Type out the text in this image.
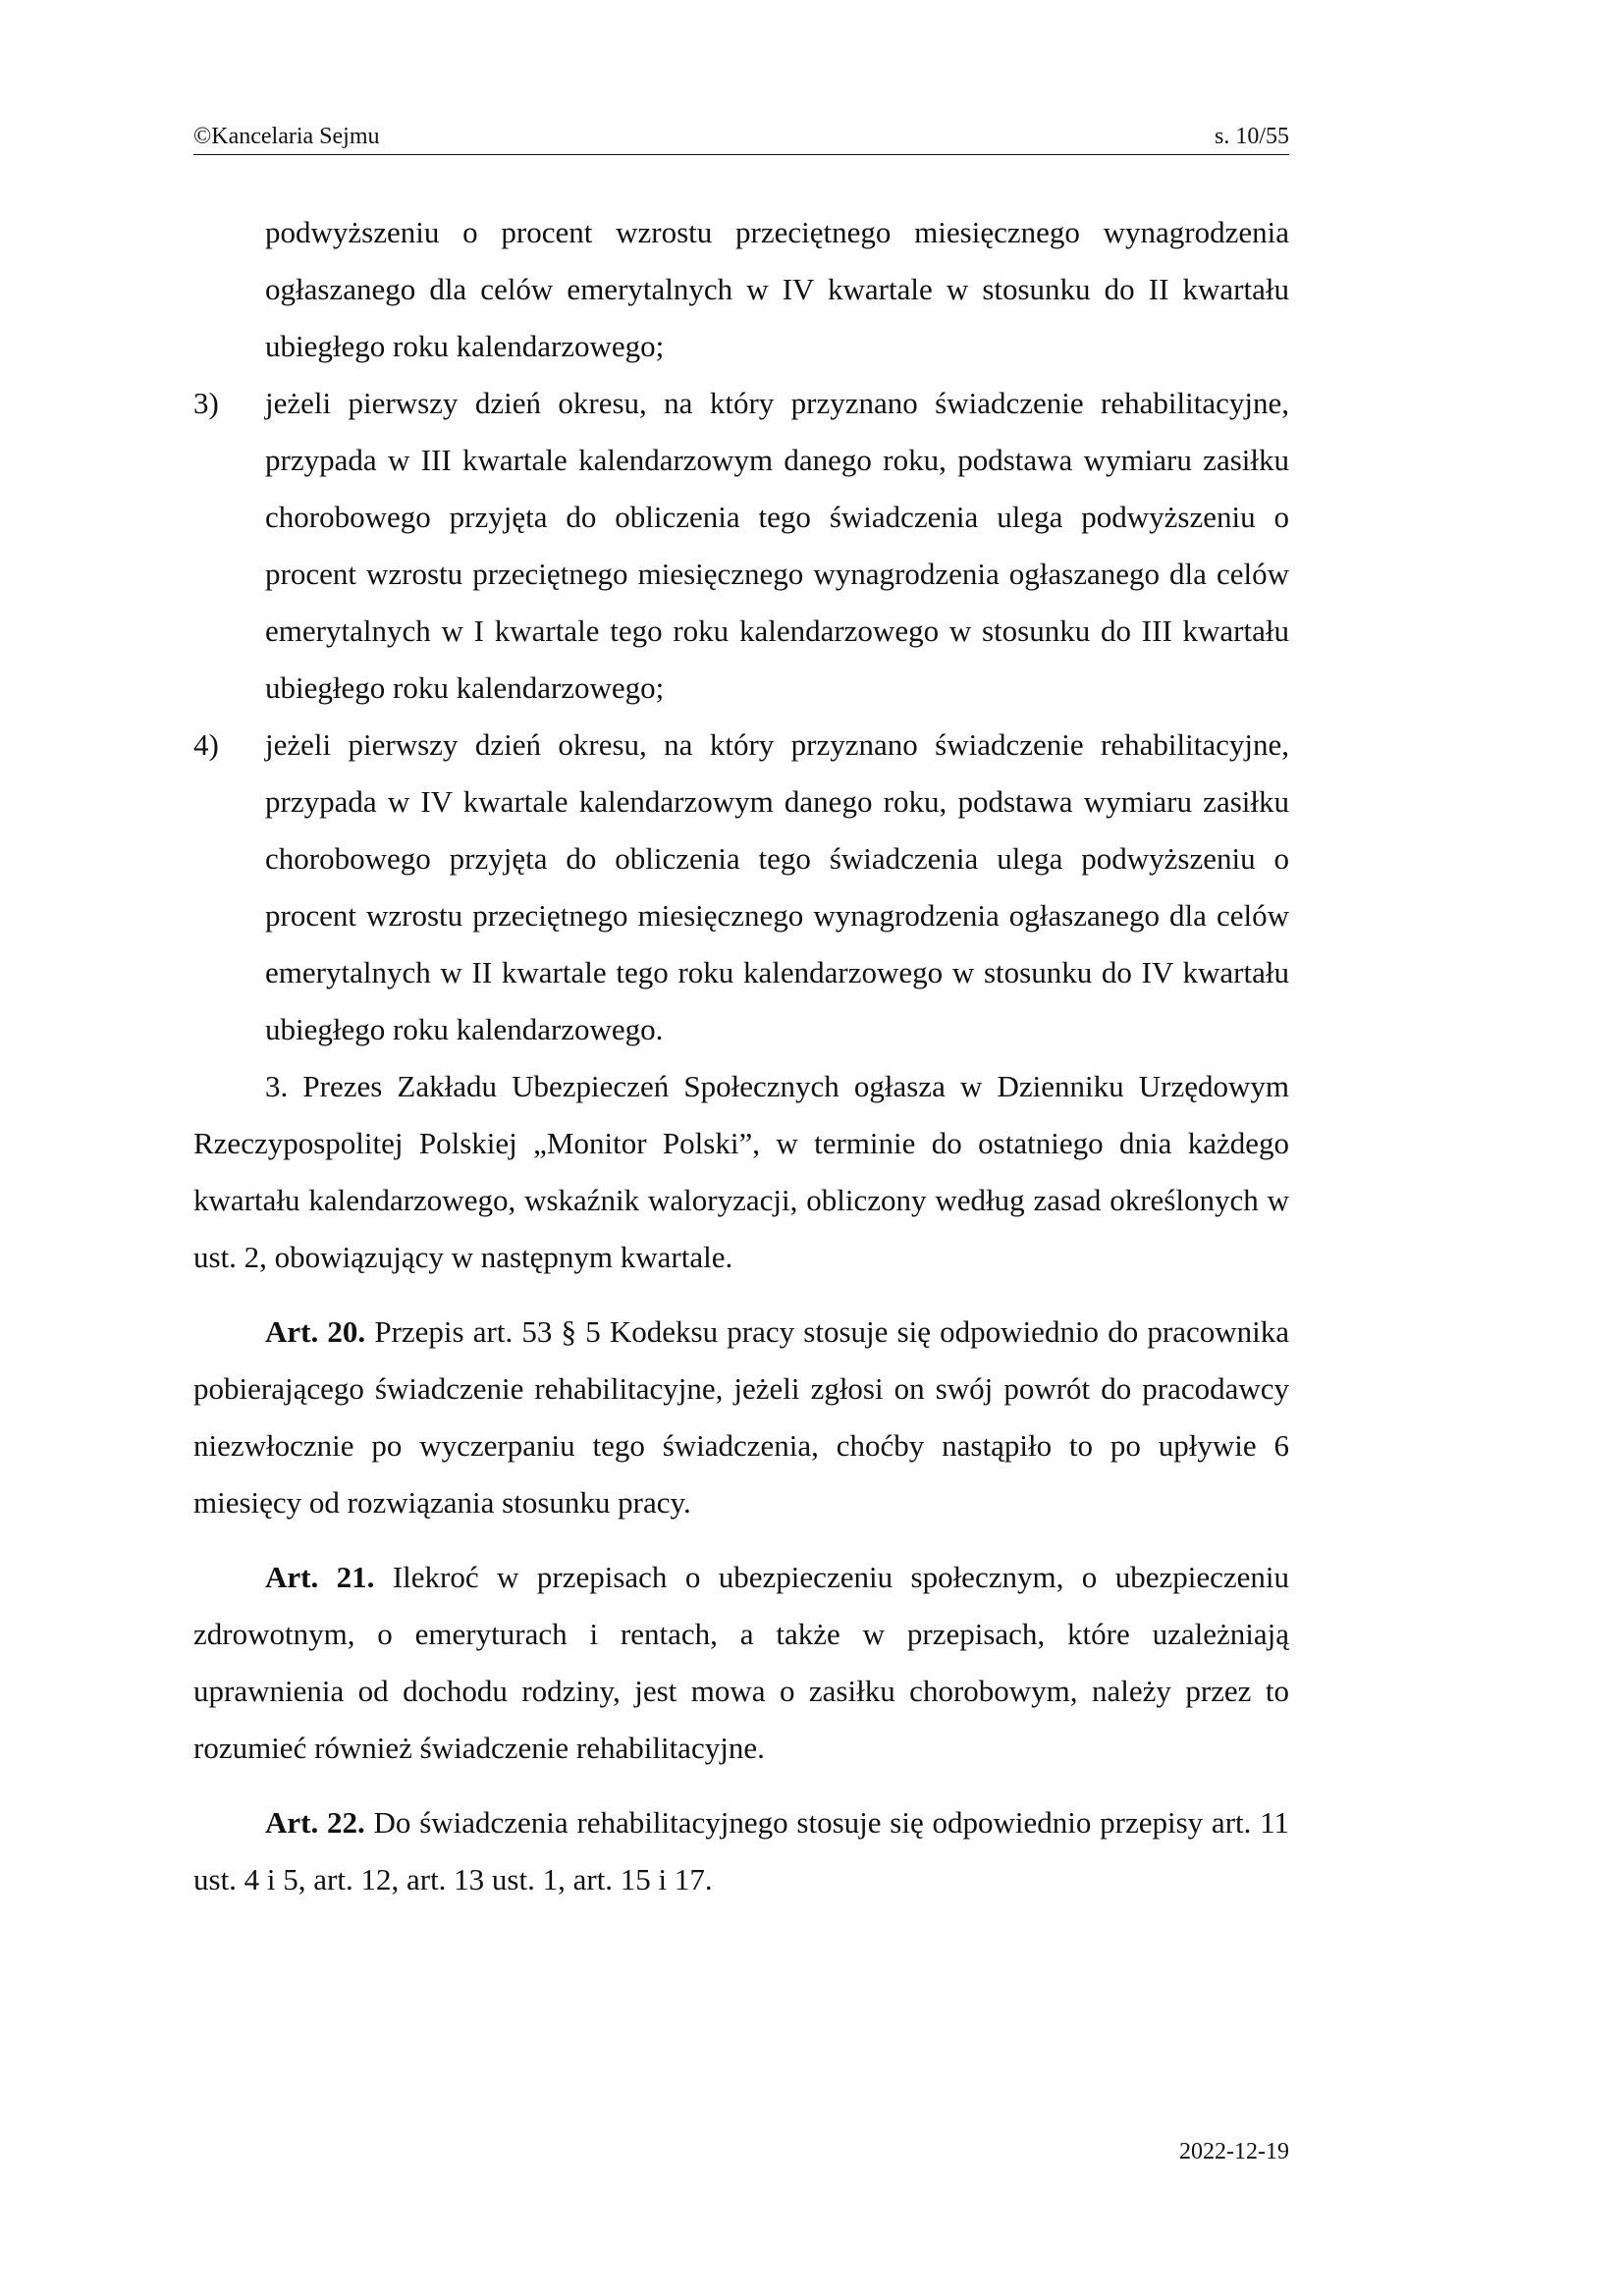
©Kancelaria Sejmu	s. 10/55

podwyższeniu o procent wzrostu przeciętnego miesięcznego wynagrodzenia ogłaszanego dla celów emerytalnych w IV kwartale w stosunku do II kwartału ubiegłego roku kalendarzowego;

3)	jeżeli pierwszy dzień okresu, na który przyznano świadczenie rehabilitacyjne, przypada w III kwartale kalendarzowym danego roku, podstawa wymiaru zasiłku chorobowego przyjęta do obliczenia tego świadczenia ulega podwyższeniu o procent wzrostu przeciętnego miesięcznego wynagrodzenia ogłaszanego dla celów emerytalnych w I kwartale tego roku kalendarzowego w stosunku do III kwartału ubiegłego roku kalendarzowego;
4)	jeżeli pierwszy dzień okresu, na który przyznano świadczenie rehabilitacyjne, przypada w IV kwartale kalendarzowym danego roku, podstawa wymiaru zasiłku chorobowego przyjęta do obliczenia tego świadczenia ulega podwyższeniu o procent wzrostu przeciętnego miesięcznego wynagrodzenia ogłaszanego dla celów emerytalnych w II kwartale tego roku kalendarzowego w stosunku do IV kwartału ubiegłego roku kalendarzowego.

3. Prezes Zakładu Ubezpieczeń Społecznych ogłasza w Dzienniku Urzędowym Rzeczypospolitej Polskiej „Monitor Polski”, w terminie do ostatniego dnia każdego kwartału kalendarzowego, wskaźnik waloryzacji, obliczony według zasad określonych w ust. 2, obowiązujący w następnym kwartale.

Art. 20. Przepis art. 53 § 5 Kodeksu pracy stosuje się odpowiednio do pracownika pobierającego świadczenie rehabilitacyjne, jeżeli zgłosi on swój powrót do pracodawcy niezwłocznie po wyczerpaniu tego świadczenia, choćby nastąpiło to po upływie 6 miesięcy od rozwiązania stosunku pracy.

Art. 21. Ilekroć w przepisach o ubezpieczeniu społecznym, o ubezpieczeniu zdrowotnym, o emeryturach i rentach, a także w przepisach, które uzależniają uprawnienia od dochodu rodziny, jest mowa o zasiłku chorobowym, należy przez to rozumieć również świadczenie rehabilitacyjne.

Art. 22. Do świadczenia rehabilitacyjnego stosuje się odpowiednio przepisy art. 11 ust. 4 i 5, art. 12, art. 13 ust. 1, art. 15 i 17.

2022-12-19
